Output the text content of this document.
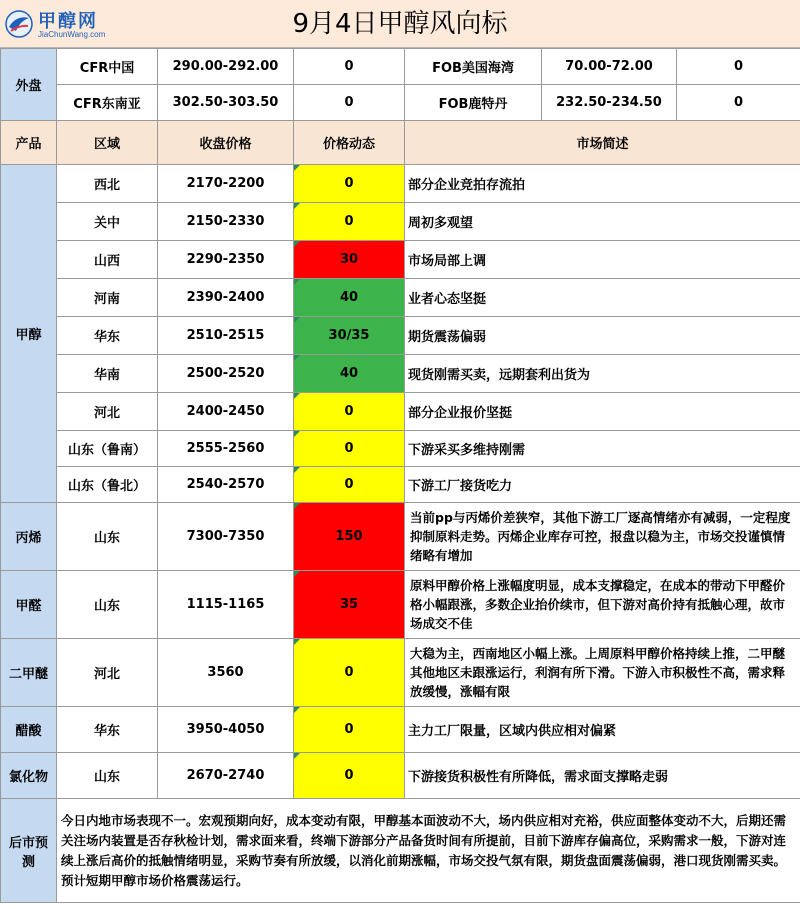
甲醇网
JiaChunWang.com	9月4日甲醇风向标
外盘	CFR中国	290.00-292.00	0	FOB美国海湾	70.00-72.00	0
	CFR东南亚	302.50-303.50	0	FOB鹿特丹	232.50-234.50	0
产品	区域	收盘价格	价格动态	市场简述
甲醇	西北	2170-2200	0	部分企业竞拍存流拍
	关中	2150-2330	0	周初多观望
	山西	2290-2350	30	市场局部上调
	河南	2390-2400	40	业者心态坚挺
	华东	2510-2515	30/35	期货震荡偏弱
	华南	2500-2520	40	现货刚需买卖，远期套利出货为
	河北	2400-2450	0	部分企业报价坚挺
	山东（鲁南）	2555-2560	0	下游采买多维持刚需
	山东（鲁北）	2540-2570	0	下游工厂接货吃力
丙烯	山东	7300-7350	150	当前pp与丙烯价差狭窄，其他下游工厂逐高情绪亦有减弱，一定程度抑制原料走势。丙烯企业库存可控，报盘以稳为主，市场交投谨慎情绪略有增加
甲醛	山东	1115-1165	35	原料甲醇价格上涨幅度明显，成本支撑稳定，在成本的带动下甲醛价格小幅跟涨，多数企业抬价续市，但下游对高价持有抵触心理，故市场成交不佳
二甲醚	河北	3560	0	大稳为主，西南地区小幅上涨。上周原料甲醇价格持续上推，二甲醚其他地区未跟涨运行，利润有所下滑。下游入市积极性不高，需求释放缓慢，涨幅有限
醋酸	华东	3950-4050	0	主力工厂限量，区域内供应相对偏紧
氯化物	山东	2670-2740	0	下游接货积极性有所降低，需求面支撑略走弱
后市预测	今日内地市场表现不一。宏观预期向好，成本变动有限，甲醇基本面波动不大，场内供应相对充裕，供应面整体变动不大，后期还需关注场内装置是否存秋检计划，需求面来看，终端下游部分产品备货时间有所提前，目前下游库存偏高位，采购需求一般，下游对连续上涨后高价的抵触情绪明显，采购节奏有所放缓，以消化前期涨幅，市场交投气氛有限，期货盘面震荡偏弱，港口现货刚需买卖。预计短期甲醇市场价格震荡运行。			
